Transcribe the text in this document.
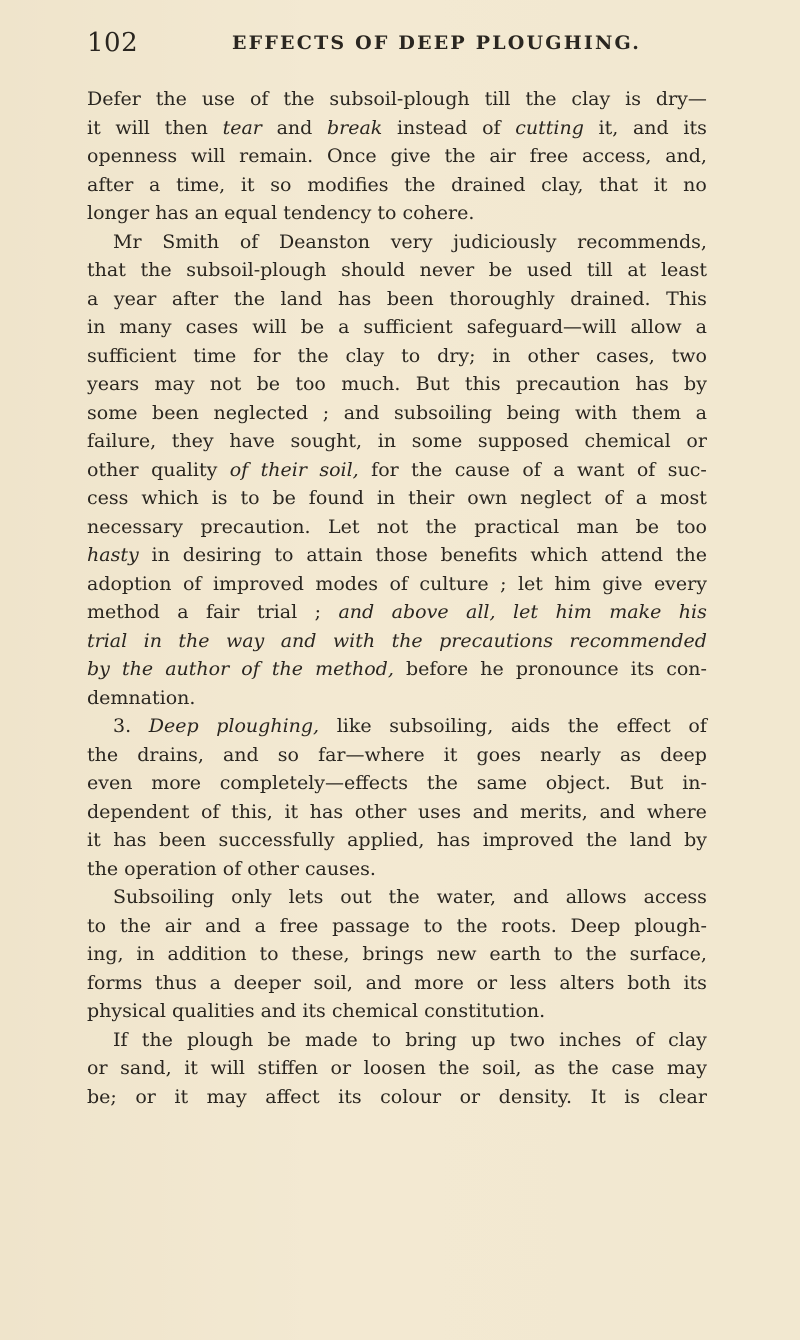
102	EFFECTS OF DEEP PLOUGHING.
Defer the use of the subsoil-plough till the clay is dry—
it will then tear and break instead of cutting it, and its
openness will remain. Once give the air free access, and,
after a time, it so modifies the drained clay, that it no
longer has an equal tendency to cohere.
Mr Smith of Deanston very judiciously recommends,
that the subsoil-plough should never be used till at least
a year after the land has been thoroughly drained. This
in many cases will be a sufficient safeguard—will allow a
sufficient time for the clay to dry; in other cases, two
years may not be too much. But this precaution has by
some been neglected ; and subsoiling being with them a
failure, they have sought, in some supposed chemical or
other quality of their soil, for the cause of a want of suc-
cess which is to be found in their own neglect of a most
necessary precaution. Let not the practical man be too
hasty in desiring to attain those benefits which attend the
adoption of improved modes of culture ; let him give every
method a fair trial ; and above all, let him make his
trial in the way and with the precautions recommended
by the author of the method, before he pronounce its con-
demnation.
3. Deep ploughing, like subsoiling, aids the effect of
the drains, and so far—where it goes nearly as deep
even more completely—effects the same object. But in-
dependent of this, it has other uses and merits, and where
it has been successfully applied, has improved the land by
the operation of other causes.
Subsoiling only lets out the water, and allows access
to the air and a free passage to the roots. Deep plough-
ing, in addition to these, brings new earth to the surface,
forms thus a deeper soil, and more or less alters both its
physical qualities and its chemical constitution.
If the plough be made to bring up two inches of clay
or sand, it will stiffen or loosen the soil, as the case may
be; or it may affect its colour or density. It is clear
